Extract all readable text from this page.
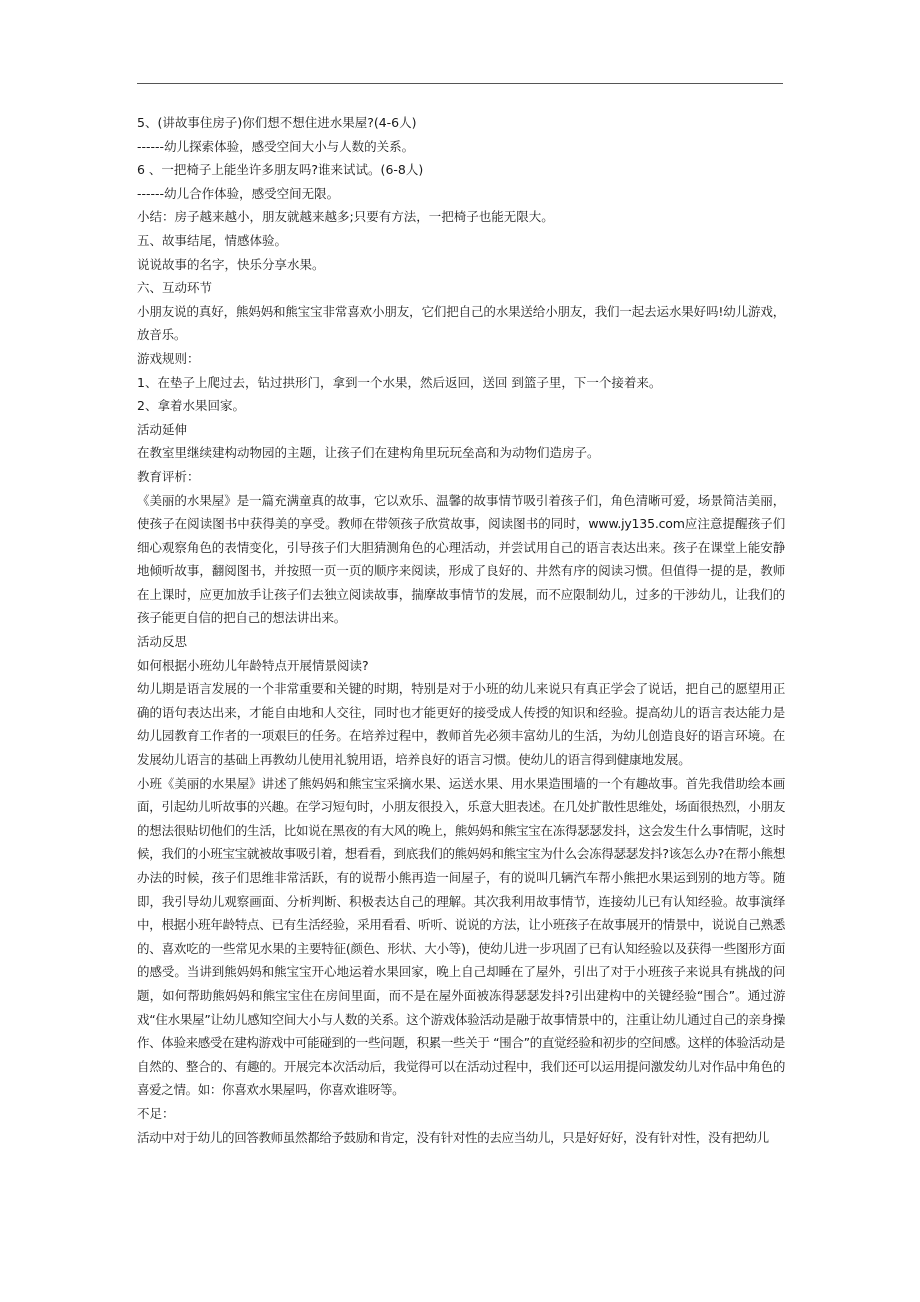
5、(讲故事住房子)你们想不想住进水果屋?(4-6人)

------幼儿探索体验，感受空间大小与人数的关系。

6 、一把椅子上能坐许多朋友吗?谁来试试。(6-8人)

------幼儿合作体验，感受空间无限。

小结：房子越来越小，朋友就越来越多;只要有方法，一把椅子也能无限大。

五、故事结尾，情感体验。

说说故事的名字，快乐分享水果。

六、互动环节

小朋友说的真好，熊妈妈和熊宝宝非常喜欢小朋友，它们把自己的水果送给小朋友，我们一起去运水果好吗!幼儿游戏，放音乐。

游戏规则：

1、在垫子上爬过去，钻过拱形门，拿到一个水果，然后返回，送回 到篮子里，下一个接着来。

2、拿着水果回家。

活动延伸

在教室里继续建构动物园的主题，让孩子们在建构角里玩玩垒高和为动物们造房子。

教育评析：

《美丽的水果屋》是一篇充满童真的故事，它以欢乐、温馨的故事情节吸引着孩子们，角色清晰可爱，场景简洁美丽，使孩子在阅读图书中获得美的享受。教师在带领孩子欣赏故事，阅读图书的同时，www.jy135.com应注意提醒孩子们细心观察角色的表情变化，引导孩子们大胆猜测角色的心理活动，并尝试用自己的语言表达出来。孩子在课堂上能安静地倾听故事，翻阅图书，并按照一页一页的顺序来阅读，形成了良好的、井然有序的阅读习惯。但值得一提的是，教师在上课时，应更加放手让孩子们去独立阅读故事，揣摩故事情节的发展，而不应限制幼儿，过多的干涉幼儿，让我们的孩子能更自信的把自己的想法讲出来。

活动反思

如何根据小班幼儿年龄特点开展情景阅读?

幼儿期是语言发展的一个非常重要和关键的时期，特别是对于小班的幼儿来说只有真正学会了说话，把自己的愿望用正确的语句表达出来，才能自由地和人交往，同时也才能更好的接受成人传授的知识和经验。提高幼儿的语言表达能力是幼儿园教育工作者的一项艰巨的任务。在培养过程中，教师首先必须丰富幼儿的生活，为幼儿创造良好的语言环境。在发展幼儿语言的基础上再教幼儿使用礼貌用语，培养良好的语言习惯。使幼儿的语言得到健康地发展。

小班《美丽的水果屋》讲述了熊妈妈和熊宝宝采摘水果、运送水果、用水果造围墙的一个有趣故事。首先我借助绘本画面，引起幼儿听故事的兴趣。在学习短句时，小朋友很投入，乐意大胆表述。在几处扩散性思维处，场面很热烈，小朋友的想法很贴切他们的生活，比如说在黑夜的有大风的晚上，熊妈妈和熊宝宝在冻得瑟瑟发抖，这会发生什么事情呢，这时候，我们的小班宝宝就被故事吸引着，想看看，到底我们的熊妈妈和熊宝宝为什么会冻得瑟瑟发抖?该怎么办?在帮小熊想办法的时候，孩子们思维非常活跃，有的说帮小熊再造一间屋子，有的说叫几辆汽车帮小熊把水果运到别的地方等。随即，我引导幼儿观察画面、分析判断、积极表达自己的理解。其次我利用故事情节，连接幼儿已有认知经验。故事演绎中，根据小班年龄特点、已有生活经验，采用看看、听听、说说的方法，让小班孩子在故事展开的情景中，说说自己熟悉的、喜欢吃的一些常见水果的主要特征(颜色、形状、大小等)，使幼儿进一步巩固了已有认知经验以及获得一些图形方面的感受。当讲到熊妈妈和熊宝宝开心地运着水果回家，晚上自己却睡在了屋外，引出了对于小班孩子来说具有挑战的问题，如何帮助熊妈妈和熊宝宝住在房间里面，而不是在屋外面被冻得瑟瑟发抖?引出建构中的关键经验“围合”。通过游戏“住水果屋”让幼儿感知空间大小与人数的关系。这个游戏体验活动是融于故事情景中的，注重让幼儿通过自己的亲身操作、体验来感受在建构游戏中可能碰到的一些问题，积累一些关于 “围合”的直觉经验和初步的空间感。这样的体验活动是自然的、整合的、有趣的。开展完本次活动后，我觉得可以在活动过程中，我们还可以运用提问激发幼儿对作品中角色的喜爱之情。如：你喜欢水果屋吗，你喜欢谁呀等。

不足：

活动中对于幼儿的回答教师虽然都给予鼓励和肯定，没有针对性的去应当幼儿，只是好好好，没有针对性，没有把幼儿
